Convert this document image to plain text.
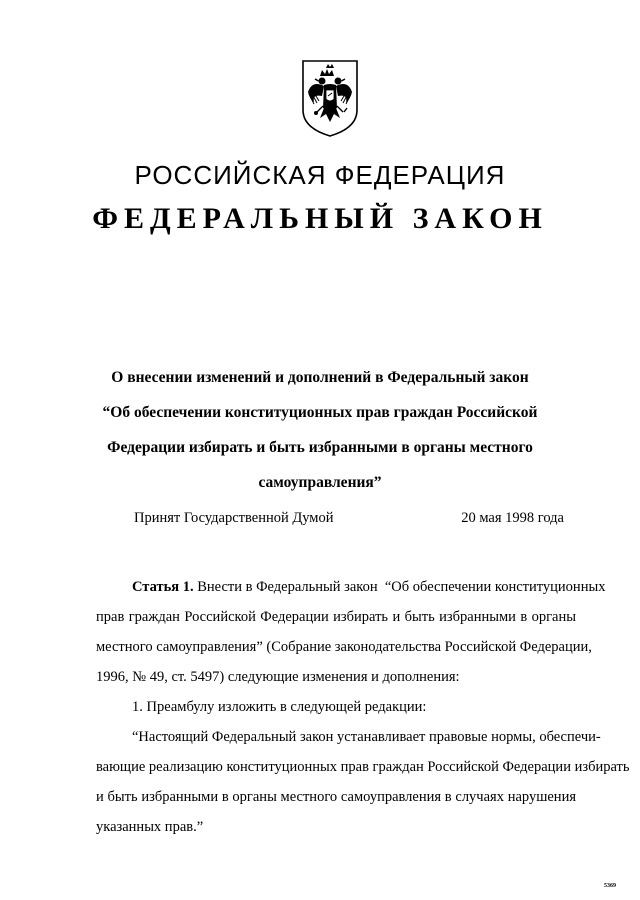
РОССИЙСКАЯ ФЕДЕРАЦИЯ
ФЕДЕРАЛЬНЫЙ ЗАКОН
О внесении изменений и дополнений в Федеральный закон
“Об обеспечении конституционных прав граждан Российской
Федерации избирать и быть избранными в органы местного
самоуправления”
Принят Государственной Думой	20 мая 1998 года
Статья 1. Внести в Федеральный закон  “Об обеспечении конституционных
прав граждан Российской Федерации избирать и быть избранными в органы
местного самоуправления” (Собрание законодательства Российской Федерации,
1996, № 49, ст. 5497) следующие изменения и дополнения:
1. Преамбулу изложить в следующей редакции:
“Настоящий Федеральный закон устанавливает правовые нормы, обеспечи-
вающие реализацию конституционных прав граждан Российской Федерации избирать
и быть избранными в органы местного самоуправления в случаях нарушения
указанных прав.”
5369
